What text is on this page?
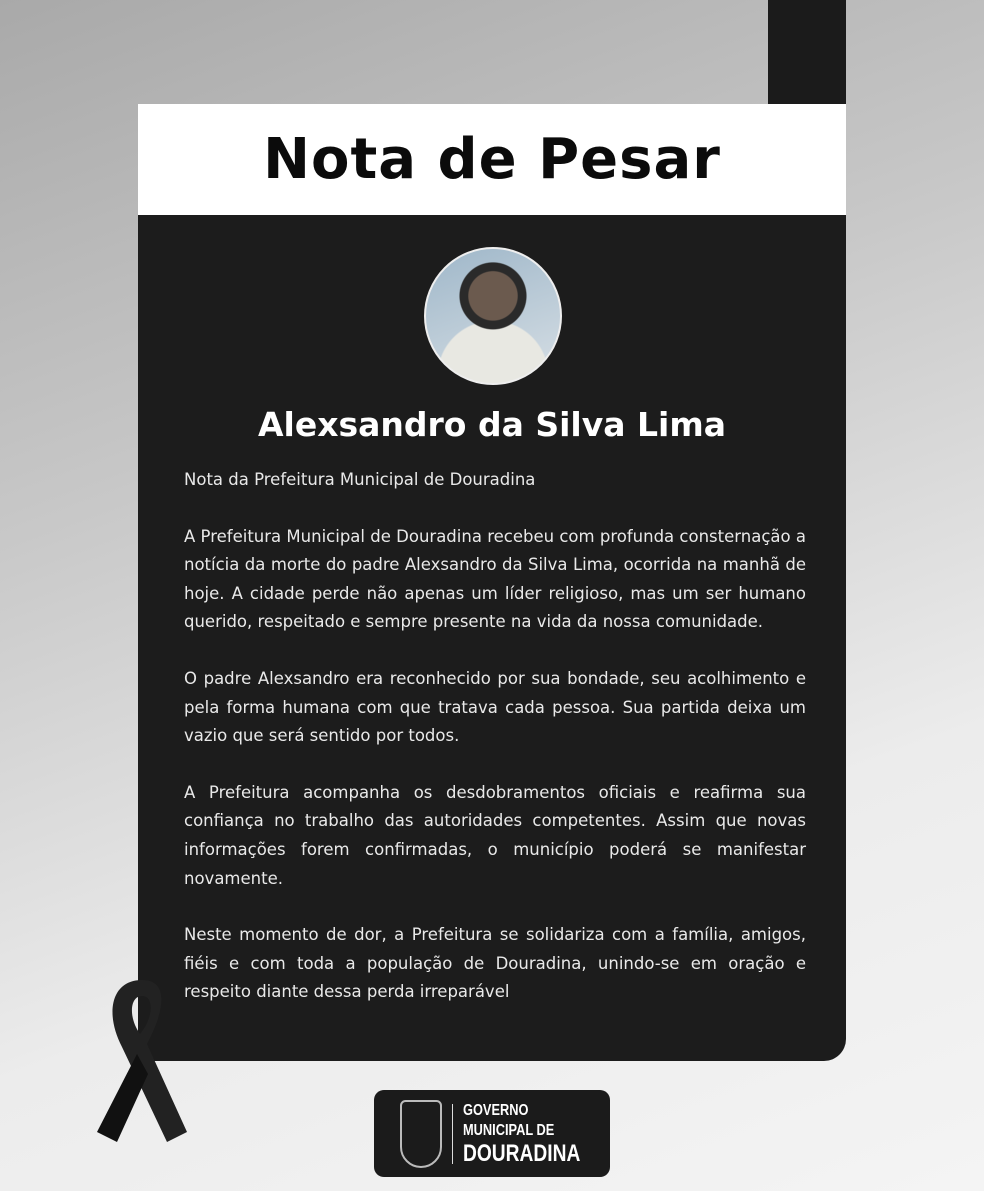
Nota de Pesar
Alexsandro da Silva Lima

Nota da Prefeitura Municipal de Douradina

A Prefeitura Municipal de Douradina recebeu com profunda consternação a notícia da morte do padre Alexsandro da Silva Lima, ocorrida na manhã de hoje. A cidade perde não apenas um líder religioso, mas um ser humano querido, respeitado e sempre presente na vida da nossa comunidade.

O padre Alexsandro era reconhecido por sua bondade, seu acolhimento e pela forma humana com que tratava cada pessoa. Sua partida deixa um vazio que será sentido por todos.

A Prefeitura acompanha os desdobramentos oficiais e reafirma sua confiança no trabalho das autoridades competentes. Assim que novas informações forem confirmadas, o município poderá se manifestar novamente.

Neste momento de dor, a Prefeitura se solidariza com a família, amigos, fiéis e com toda a população de Douradina, unindo-se em oração e respeito diante dessa perda irreparável

GOVERNO
MUNICIPAL DE
DOURADINA
